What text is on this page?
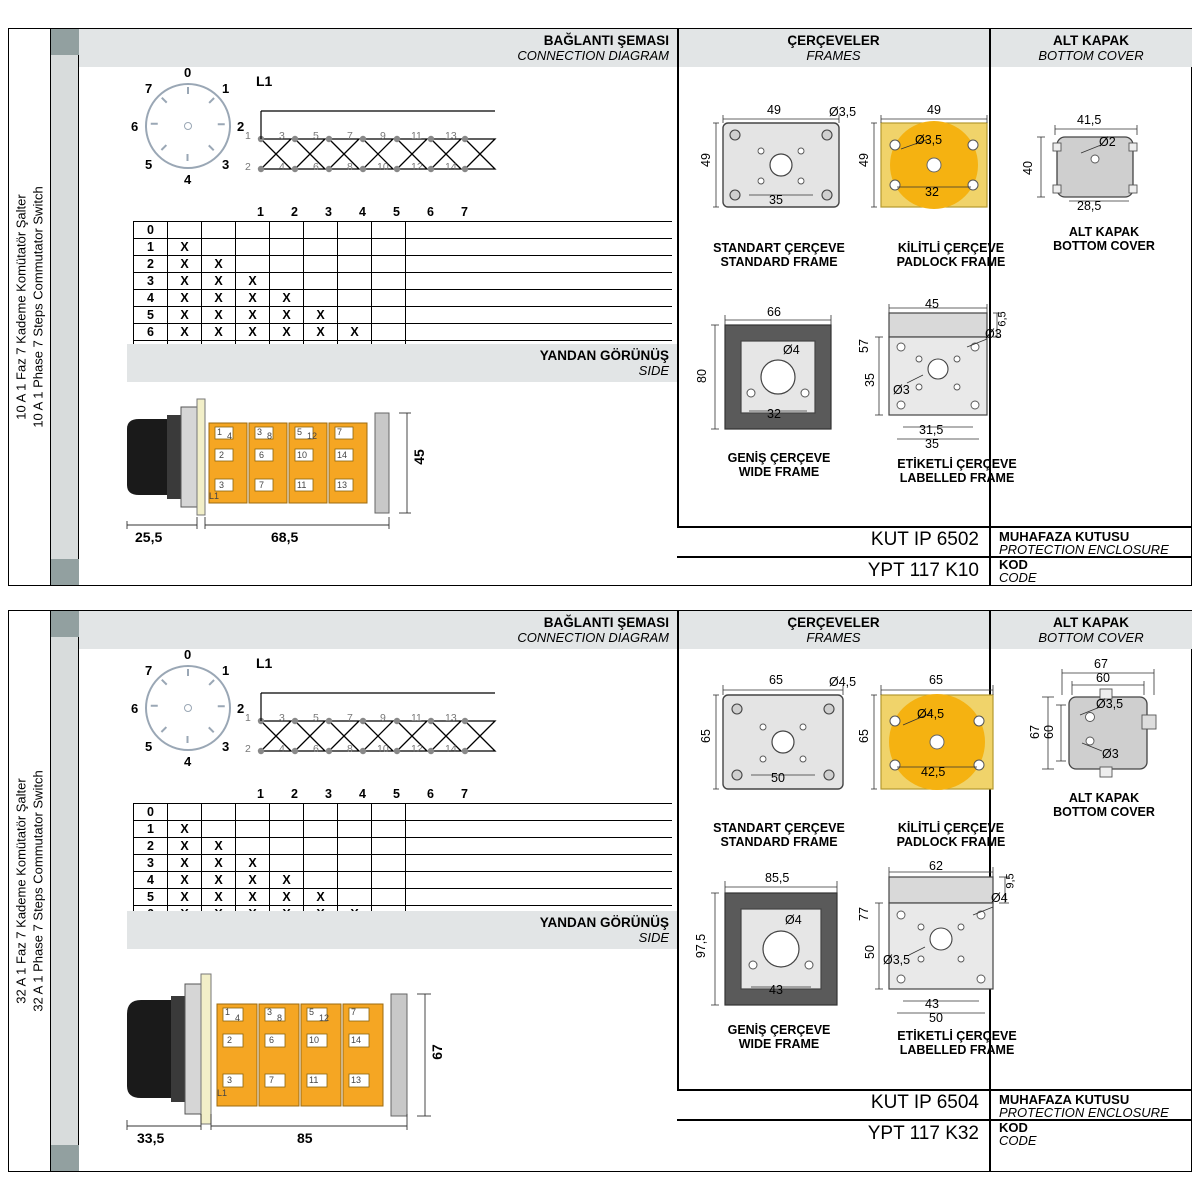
10 A 1 Faz 7 Kademe Komütatör Şalter 10 A 1 Phase 7 Steps Commutator Switch
BAĞLANTI ŞEMASI
CONNECTION DIAGRAM
ÇERÇEVELER
FRAMES
ALT KAPAK
BOTTOM COVER
0
1
2
3
4
5
6
7	L1
1	3	5	7	9 11 13
2	4	6	8 10 12 14
1 2 3 4 5 6 7
0								
1	X							
2	X	X						
3	X	X	X					
4	X	X	X	X				
5	X	X	X	X	X			
6	X	X	X	X	X	X		

YANDAN GÖRÜNÜŞ
SIDE
1 4	3 8	5 12 7
2	6	10	14
3	7	11	13
L1
25,5	68,5
45
49
49
35
Ø3,5
STANDART ÇERÇEVE
STANDARD FRAME
49
49
32
Ø3,5
KİLİTLİ ÇERÇEVE
PADLOCK FRAME
66
80
32
Ø4
GENİŞ ÇERÇEVE
WIDE FRAME
45
6,5
57
35
31,5
35
Ø3
Ø3
ETİKETLİ ÇERÇEVE
LABELLED FRAME
41,5
40
28,5
Ø2
ALT KAPAK
BOTTOM COVER
KUT IP 6502 MUHAFAZA KUTUSU
PROTECTION ENCLOSURE
YPT 117 K10 KOD
CODE
32 A 1 Faz 7 Kademe Komütatör Şalter 32 A 1 Phase 7 Steps Commutator Switch
BAĞLANTI ŞEMASI
CONNECTION DIAGRAM
ÇERÇEVELER
FRAMES
ALT KAPAK
BOTTOM COVER
0
1
2
3
4
5
6
7	L1
1	3	5	7	9 11 13
2	4	6	8 10 12 14
1 2 3 4 5 6 7
0								
1	X							
2	X	X						
3	X	X	X					
4	X	X	X	X				
5	X	X	X	X	X			

YANDAN GÖRÜNÜŞ
SIDE
1
4
3
8
5
12
7
2	6	10	14
3	7	11	13
L1
33,5	85
67
65
65
50
Ø4,5
STANDART ÇERÇEVE
STANDARD FRAME
65
65
42,5
Ø4,5
KİLİTLİ ÇERÇEVE
PADLOCK FRAME
85,5
97,5
43
Ø4
GENİŞ ÇERÇEVE
WIDE FRAME
62
9,5
77
50
43
50
Ø4
Ø3,5
ETİKETLİ ÇERÇEVE
LABELLED FRAME
67
60
67 60
Ø3,5
Ø3
ALT KAPAK
BOTTOM COVER
KUT IP 6504 MUHAFAZA KUTUSU
PROTECTION ENCLOSURE
YPT 117 K32 KOD
CODE
